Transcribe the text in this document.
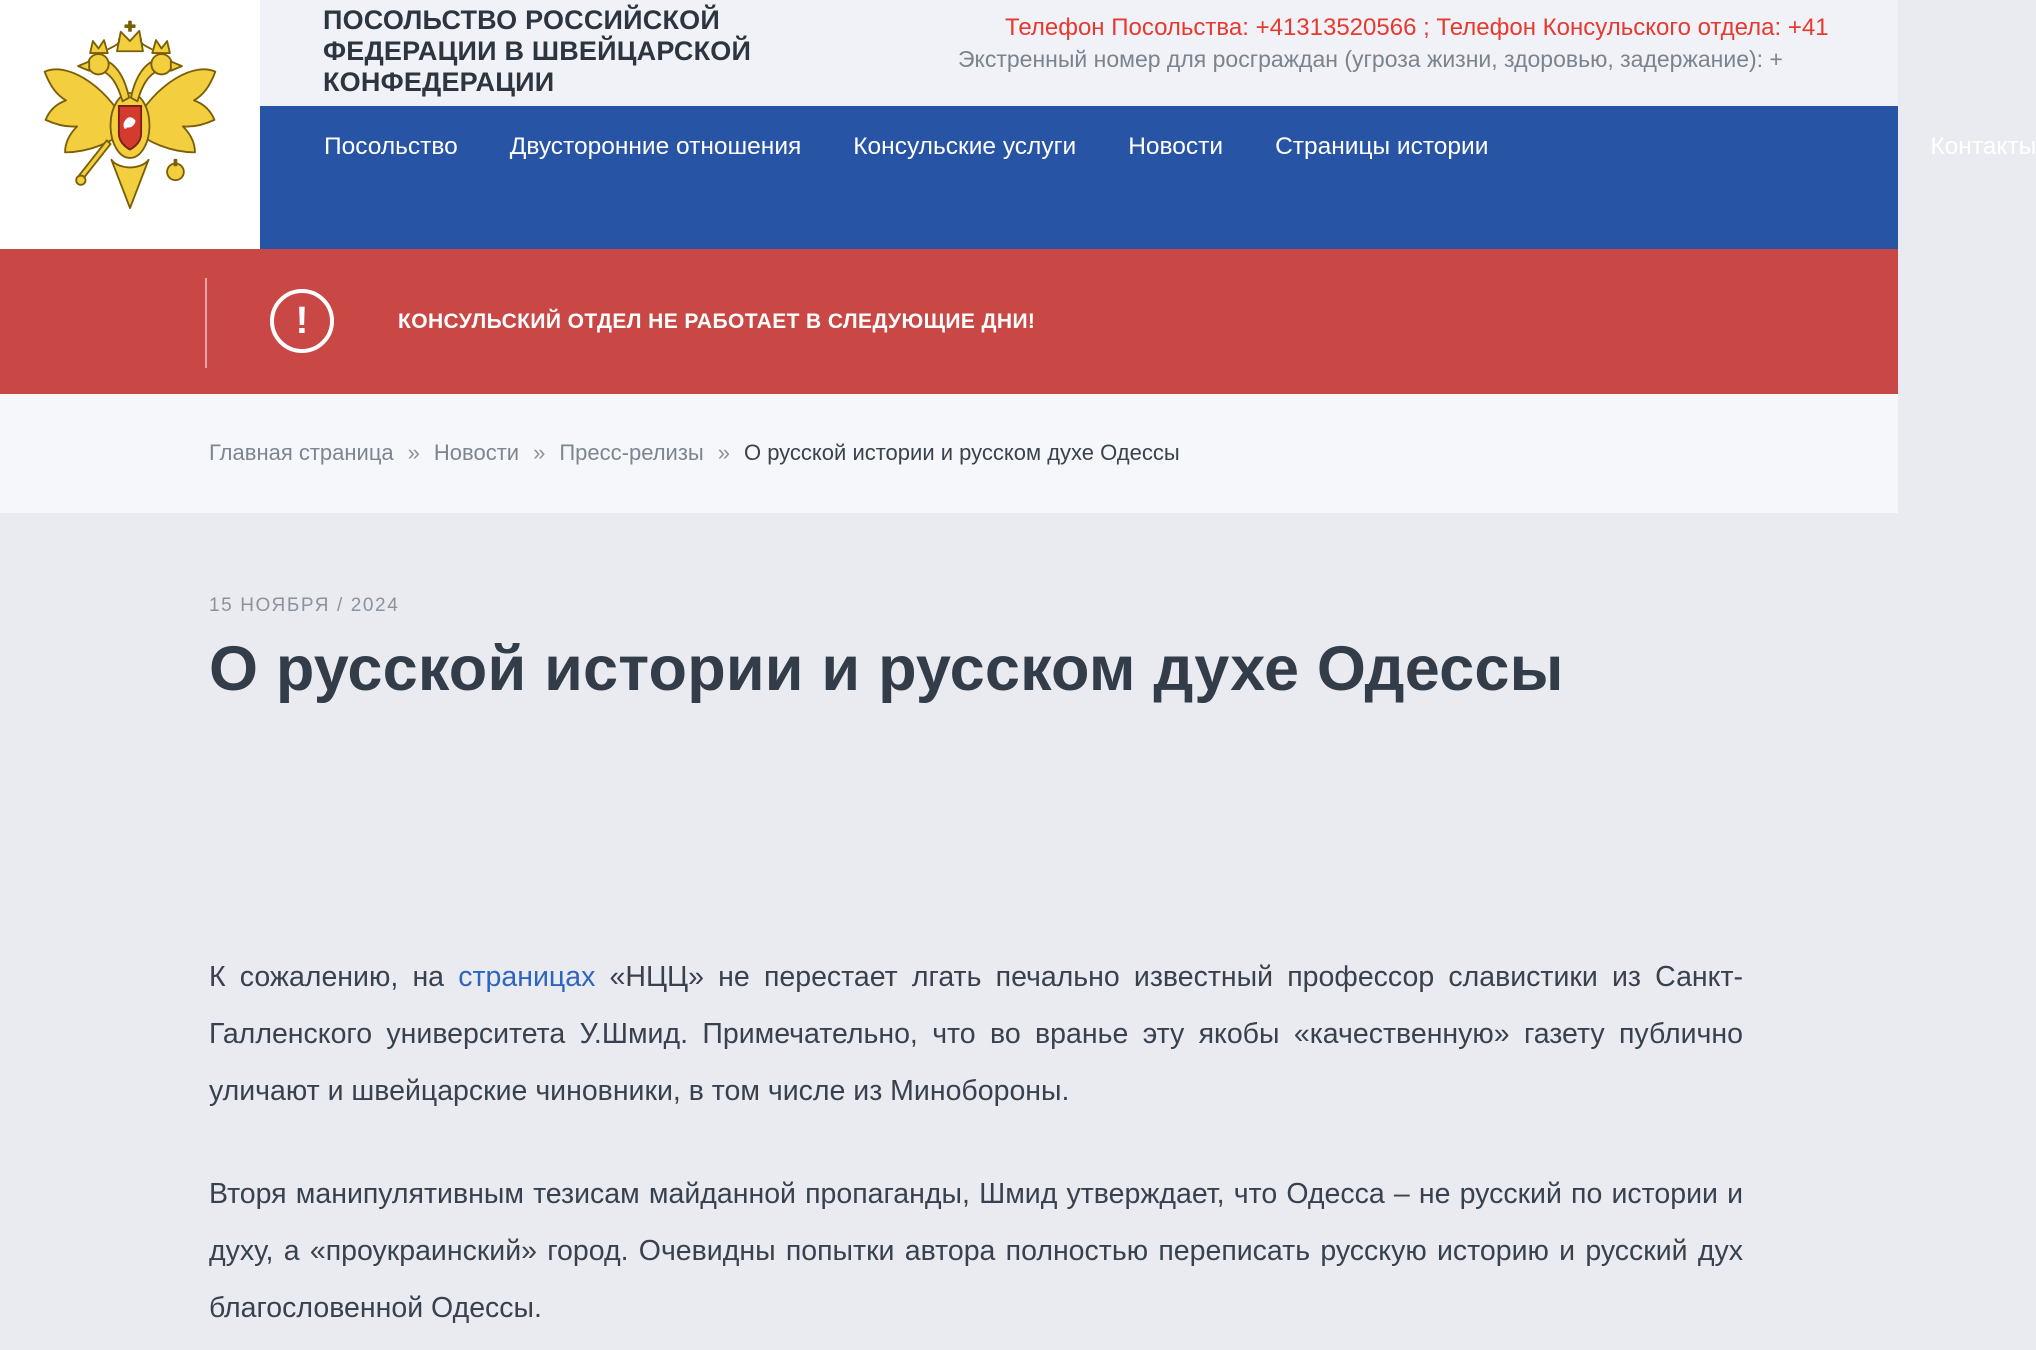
ПОСОЛЬСТВО РОССИЙСКОЙ
ФЕДЕРАЦИИ В ШВЕЙЦАРСКОЙ
КОНФЕДЕРАЦИИ
Телефон Посольства: +41313520566 ; Телефон Консульского отдела: +41
Экстренный номер для росграждан (угроза жизни, здоровью, задержание): +
Посольство Двусторонние отношения Консульские услуги Новости Страницы истории	Контакты
!	КОНСУЛЬСКИЙ ОТДЕЛ НЕ РАБОТАЕТ В СЛЕДУЮЩИЕ ДНИ!
Главная страница » Новости » Пресс-релизы » О русской истории и русском духе Одессы
15 НОЯБРЯ / 2024
О русской истории и русском духе Одессы

К сожалению, на страницах «НЦЦ» не перестает лгать печально известный профессор славистики из Санкт-Галленского университета У.Шмид. Примечательно, что во вранье эту якобы «качественную» газету публично уличают и швейцарские чиновники, в том числе из Минобороны.

Вторя манипулятивным тезисам майданной пропаганды, Шмид утверждает, что Одесса – не русский по истории и духу, а «проукраинский» город. Очевидны попытки автора полностью переписать русскую историю и русский дух благословенной Одессы.
